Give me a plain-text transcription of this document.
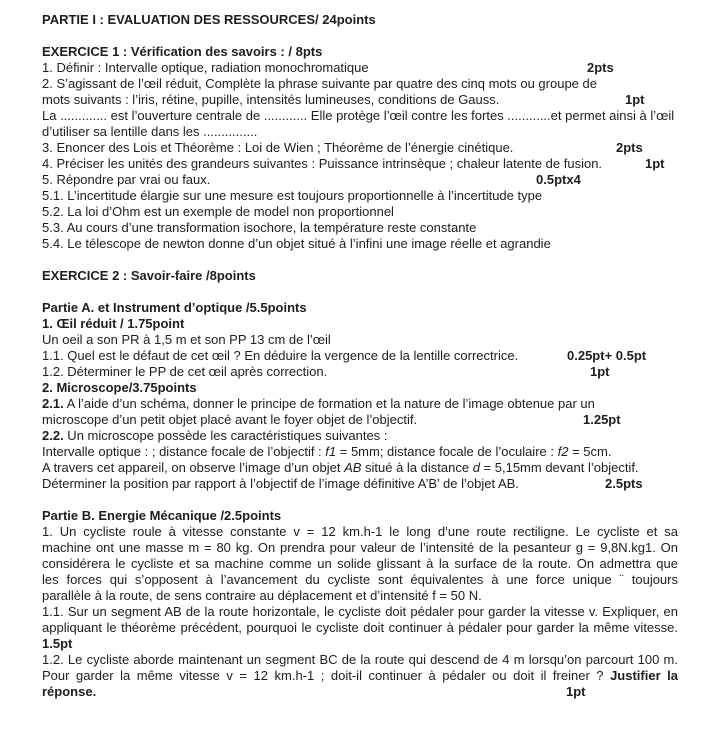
PARTIE I : EVALUATION DES RESSOURCES/ 24points
EXERCICE 1 : Vérification des savoirs : / 8pts
1. Définir : Intervalle optique, radiation monochromatique	2pts
2. S’agissant de l’œil réduit, Complète la phrase suivante par quatre des cinq mots ou groupe de
mots suivants : l’iris, rétine, pupille, intensités lumineuses, conditions de Gauss.	1pt
La ............. est l’ouverture centrale de ............ Elle protège l’œil contre les fortes ............et permet ainsi à l’œil
d’utiliser sa lentille dans les ...............
3. Enoncer des Lois et Théorème : Loi de Wien ; Théorème de l’énergie cinétique.	2pts
4. Préciser les unités des grandeurs suivantes : Puissance intrinsèque ; chaleur latente de fusion.	1pt
5. Répondre par vrai ou faux.	0.5ptx4
5.1. L’incertitude élargie sur une mesure est toujours proportionnelle à l’incertitude type
5.2. La loi d’Ohm est un exemple de model non proportionnel
5.3. Au cours d’une transformation isochore, la température reste constante
5.4. Le télescope de newton donne d’un objet situé à l’infini une image réelle et agrandie
EXERCICE 2 : Savoir-faire /8points
Partie A. et Instrument d’optique /5.5points
1. Œil réduit / 1.75point
Un oeil a son PR à 1,5 m et son PP 13 cm de l’œil
1.1. Quel est le défaut de cet œil ? En déduire la vergence de la lentille correctrice.	0.25pt+ 0.5pt
1.2. Déterminer le PP de cet œil après correction.	1pt
2. Microscope/3.75points
2.1. A l’aide d’un schéma, donner le principe de formation et la nature de l’image obtenue par un
microscope d’un petit objet placé avant le foyer objet de l’objectif.	1.25pt
2.2. Un microscope possède les caractéristiques suivantes :
Intervalle optique : ; distance focale de l’objectif : f1 = 5mm; distance focale de l’oculaire : f2 = 5cm.
A travers cet appareil, on observe l’image d’un objet AB situé à la distance d = 5,15mm devant l’objectif.
Déterminer la position par rapport à l’objectif de l’image définitive A’B’ de l’objet AB.	2.5pts
Partie B. Energie Mécanique /2.5points
1. Un cycliste roule à vitesse constante v = 12 km.h-1 le long d’une route rectiligne. Le cycliste et sa
machine ont une masse m = 80 kg. On prendra pour valeur de l’intensité de la pesanteur g = 9,8N.kg1. On
considérera le cycliste et sa machine comme un solide glissant à la surface de la route. On admettra que
les forces qui s’opposent à l’avancement du cycliste sont équivalentes à une force unique ¨ toujours
parallèle à la route, de sens contraire au déplacement et d’intensité f = 50 N.
1.1. Sur un segment AB de la route horizontale, le cycliste doit pédaler pour garder la vitesse v. Expliquer, en
appliquant le théorème précédent, pourquoi le cycliste doit continuer à pédaler pour garder la même vitesse.
1.5pt
1.2. Le cycliste aborde maintenant un segment BC de la route qui descend de 4 m lorsqu’on parcourt 100 m.
Pour garder la même vitesse v = 12 km.h-1 ; doit-il continuer à pédaler ou doit il freiner ? Justifier la
réponse.	1pt
